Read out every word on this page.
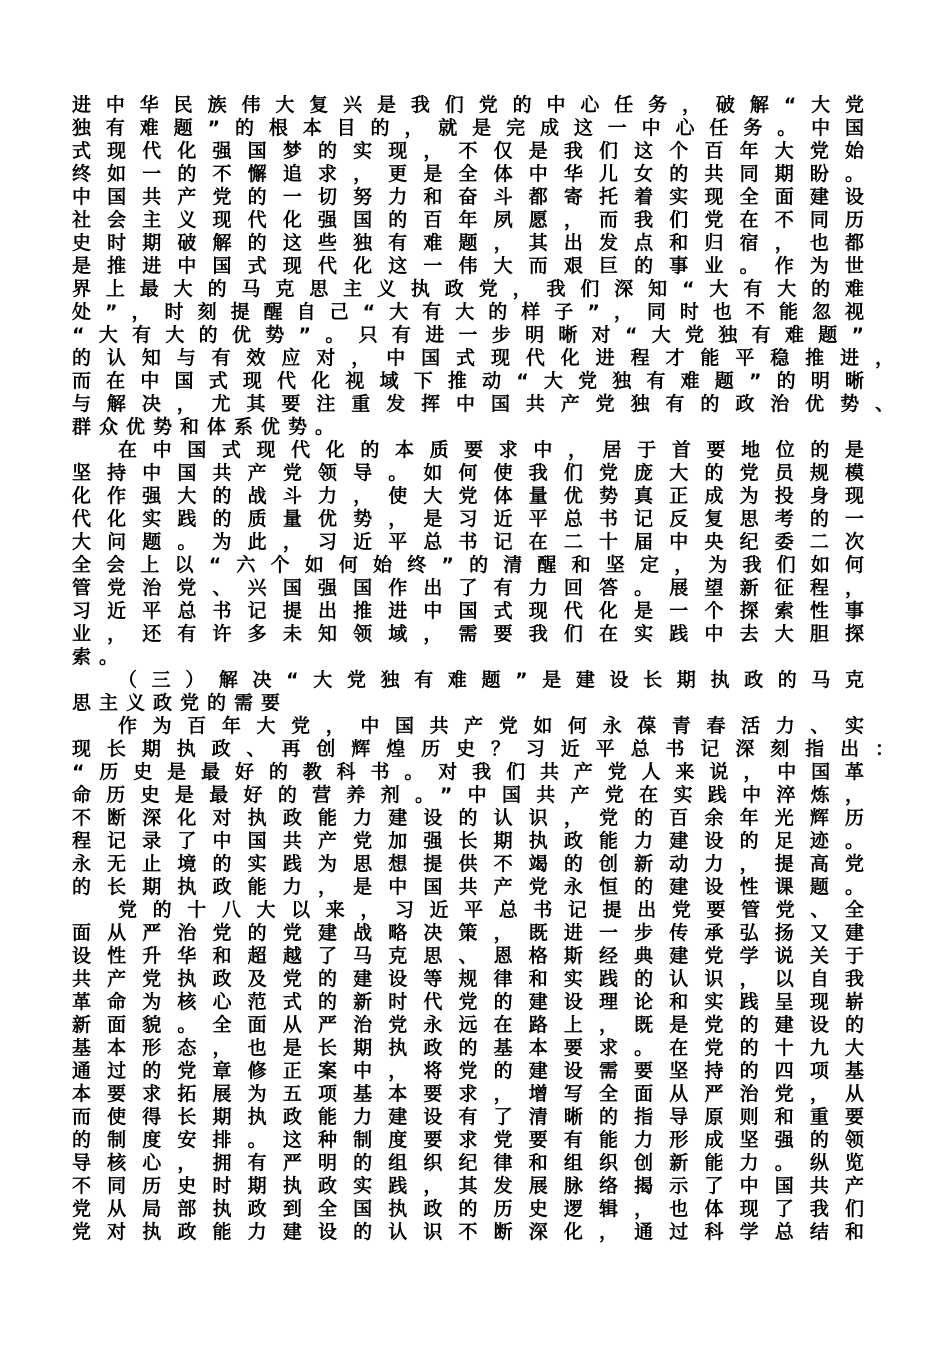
进中华民族伟大复兴是我们党的中心任务，破解“大党
独有难题”的根本目的，就是完成这一中心任务。中国
式现代化强国梦的实现，不仅是我们这个百年大党始
终如一的不懈追求，更是全体中华儿女的共同期盼。
中国共产党的一切努力和奋斗都寄托着实现全面建设
社会主义现代化强国的百年夙愿，而我们党在不同历
史时期破解的这些独有难题，其出发点和归宿，也都
是推进中国式现代化这一伟大而艰巨的事业。作为世
界上最大的马克思主义执政党，我们深知“大有大的难
处”，时刻提醒自己“大有大的样子”，同时也不能忽视
“大有大的优势”。只有进一步明晰对“大党独有难题”
的认知与有效应对，中国式现代化进程才能平稳推进，
而在中国式现代化视域下推动“大党独有难题”的明晰
与解决，尤其要注重发挥中国共产党独有的政治优势、
群众优势和体系优势。
在中国式现代化的本质要求中，居于首要地位的是
坚持中国共产党领导。如何使我们党庞大的党员规模
化作强大的战斗力，使大党体量优势真正成为投身现
代化实践的质量优势，是习近平总书记反复思考的一
大问题。为此，习近平总书记在二十届中央纪委二次
全会上以“六个如何始终”的清醒和坚定，为我们如何
管党治党、兴国强国作出了有力回答。展望新征程，
习近平总书记提出推进中国式现代化是一个探索性事
业，还有许多未知领域，需要我们在实践中去大胆探
索。
（三）解决“大党独有难题”是建设长期执政的马克
思主义政党的需要
作为百年大党，中国共产党如何永葆青春活力、实
现长期执政、再创辉煌历史？习近平总书记深刻指出：
“历史是最好的教科书。对我们共产党人来说，中国革
命历史是最好的营养剂。”中国共产党在实践中淬炼，
不断深化对执政能力建设的认识，党的百余年光辉历
程记录了中国共产党加强长期执政能力建设的足迹。
永无止境的实践为思想提供不竭的创新动力，提高党
的长期执政能力，是中国共产党永恒的建设性课题。
党的十八大以来，习近平总书记提出党要管党、全
面从严治党的党建战略决策，既进一步传承弘扬又建
设性升华和超越了马克思、恩格斯经典建党学说关于
共产党执政及党的建设等规律和实践的认识，以自我
革命为核心范式的新时代党的建设理论和实践呈现崭
新面貌。全面从严治党永远在路上，既是党的建设的
基本形态，也是长期执政的基本要求。在党的十九大
通过的党章修正案中，将党的建设需要坚持的四项基
本要求拓展为五项基本要求，增写全面从严治党，从
而使得长期执政能力建设有了清晰的指导原则和重要
的制度安排。这种制度要求党要有能力形成坚强的领
导核心，拥有严明的组织纪律和组织创新能力。纵览
不同历史时期执政实践，其发展脉络揭示了中国共产
党从局部执政到全国执政的历史逻辑，也体现了我们
党对执政能力建设的认识不断深化，通过科学总结和
